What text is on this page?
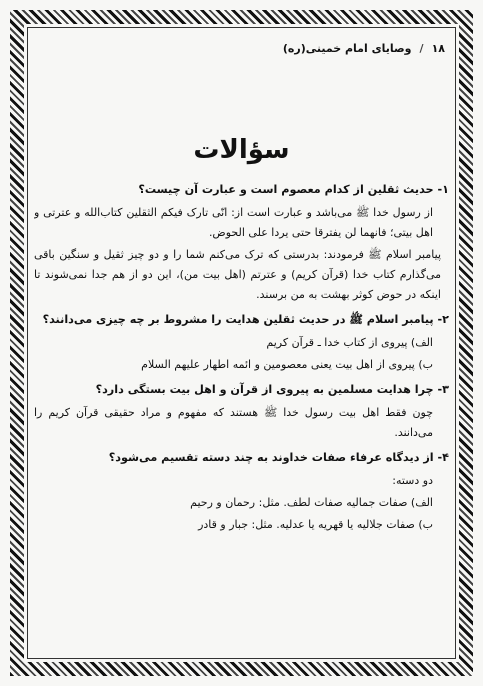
۱۸
/
وصایای امام خمینی(ره)
سؤالات
۱- حدیث ثقلین از کدام معصوم است و عبارت آن چیست؟
از رسول خدا ﷺ می‌باشد و عبارت است از: انّی تارک فیکم الثقلین کتاب‌الله و عترتی و اهل بیتی؛ فانهما لن یفترقا حتی یردا علی الحوض.
پیامبر اسلام ﷺ فرمودند: بدرستی که ترک می‌کنم شما را و دو چیز ثقیل و سنگین باقی می‌گذارم کتاب خدا (قرآن کریم) و عترتم (اهل بیت من)، این دو از هم جدا نمی‌شوند تا اینکه در حوض کوثر بهشت به من برسند.
۲- پیامبر اسلام ﷺ در حدیث ثقلین هدایت را مشروط بر چه چیزی می‌دانند؟
الف) پیروی از کتاب خدا ـ قرآن کریم
ب) پیروی از اهل بیت یعنی معصومین و ائمه اطهار علیهم السلام
۳- چرا هدایت مسلمین به پیروی از قرآن و اهل بیت بستگی دارد؟
چون فقط اهل بیت رسول خدا ﷺ هستند که مفهوم و مراد حقیقی قرآن کریم را می‌دانند.
۴- از دیدگاه عرفاء صفات خداوند به چند دسته تقسیم می‌شود؟
دو دسته:
الف) صفات جمالیه صفات لطف. مثل: رحمان و رحیم
ب) صفات جلالیه یا قهریه یا عدلیه. مثل: جبار و قادر
